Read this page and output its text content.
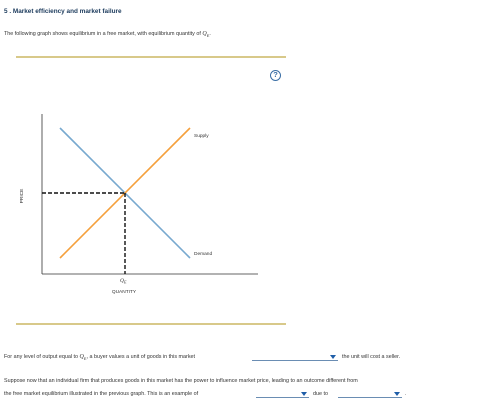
5 . Market efficiency and market failure
The following graph shows equilibrium in a free market, with equilibrium quantity of $Q_E$.
?
Supply
Demand
PRICE
QUANTITY
$Q_E$
For any level of output equal to $Q_E$, a buyer values a unit of goods in this market	the unit will cost a seller.
Suppose now that an individual firm that produces goods in this market has the power to influence market price, leading to an outcome different from
the free market equilibrium illustrated in the previous graph. This is an example of	due to	.
